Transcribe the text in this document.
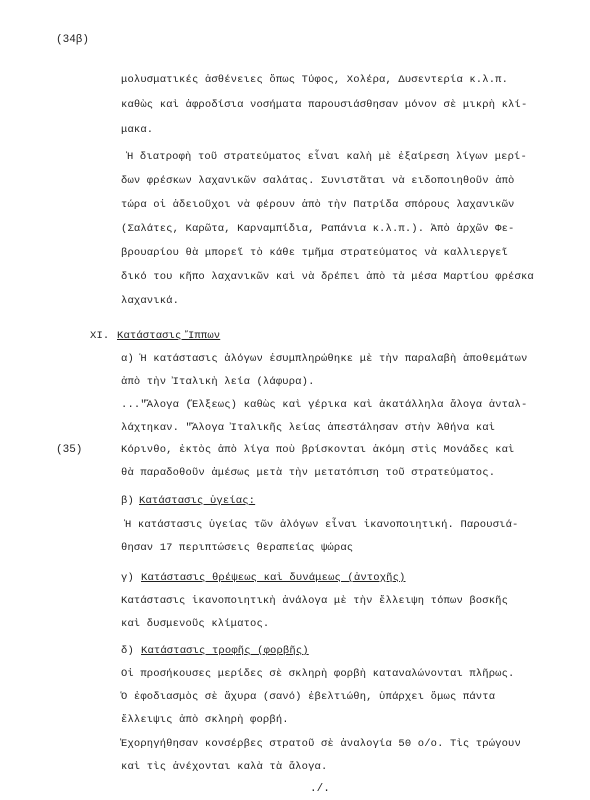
(34β)
μολυσματικές ἀσθένειες ὅπως Τύφος, Χολέρα, Δυσεντερία κ.λ.π.
καθὼς καὶ ἀφροδίσια νοσήματα παρουσιάσθησαν μόνον σὲ μικρὴ κλί-
μακα.
Ἡ διατροφὴ τοῦ στρατεύματος εἶναι καλὴ μὲ ἐξαίρεση λίγων μερί-
δων φρέσκων λαχανικῶν σαλάτας. Συνιστᾶται νὰ ειδοποιηθοῦν ἀπὸ
τώρα οἱ ἀδειοῦχοι νὰ φέρουν ἀπὸ τὴν Πατρίδα σπόρους λαχανικῶν
(Σαλάτες, Καρῶτα, Καρναμπίδια, Ραπάνια κ.λ.π.). Ἀπὸ ἀρχῶν Φε-
βρουαρίου θὰ μπορεῖ τὸ κάθε τμῆμα στρατεύματος νὰ καλλιεργεῖ
δικό του κῆπο λαχανικῶν καὶ νὰ δρέπει ἀπὸ τὰ μέσα Μαρτίου φρέσκα
λαχανικά.
XI. Κατάστασις Ἵππων
α) Ἡ κατάστασις ἀλόγων ἐσυμπληρώθηκε μὲ τὴν παραλαβὴ ἀποθεμάτων
ἀπὸ τὴν Ἰταλικὴ λεία (λάφυρα).
..."Ἄλογα (Ἕλξεως) καθὼς καὶ γέρικα καὶ ἀκατάλληλα ἄλογα ἀνταλ-
λάχτηκαν. "Ἄλογα Ἰταλικῆς λείας ἀπεστάλησαν στὴν Ἀθήνα καὶ
(35)	Κόρινθο, ἐκτὸς ἀπὸ λίγα ποὺ βρίσκονται ἀκόμη στὶς Μονάδες καὶ
θὰ παραδοθοῦν ἀμέσως μετὰ τὴν μετατόπιση τοῦ στρατεύματος.
β) Κατάστασις ὑγείας:
Ἡ κατάστασις ὑγείας τῶν ἀλόγων εἶναι ἱκανοποιητική. Παρουσιά-
θησαν 17 περιπτώσεις θεραπείας ψώρας
γ) Κατάστασις θρέψεως καὶ δυνάμεως (ἀντοχῆς)
Κατάστασις ἱκανοποιητικὴ ἀνάλογα μὲ τὴν ἔλλειψη τόπων βοσκῆς
καὶ δυσμενοῦς κλίματος.
δ) Κατάστασις τροφῆς (φορβῆς)
Οἱ προσήκουσες μερίδες σὲ σκληρὴ φορβὴ καταναλώνονται πλῆρως.
Ὁ ἐφοδιασμὸς σὲ ἄχυρα (σανό) ἐβελτιώθη, ὑπάρχει ὅμως πάντα
ἔλλειψις ἀπὸ σκληρὴ φορβή.
Ἐχορηγήθησαν κονσέρβες στρατοῦ σὲ ἀναλογία 50 ο/ο. Τὶς τρώγουν
καὶ τὶς ἀνέχονται καλὰ τὰ ἄλογα.
./.
